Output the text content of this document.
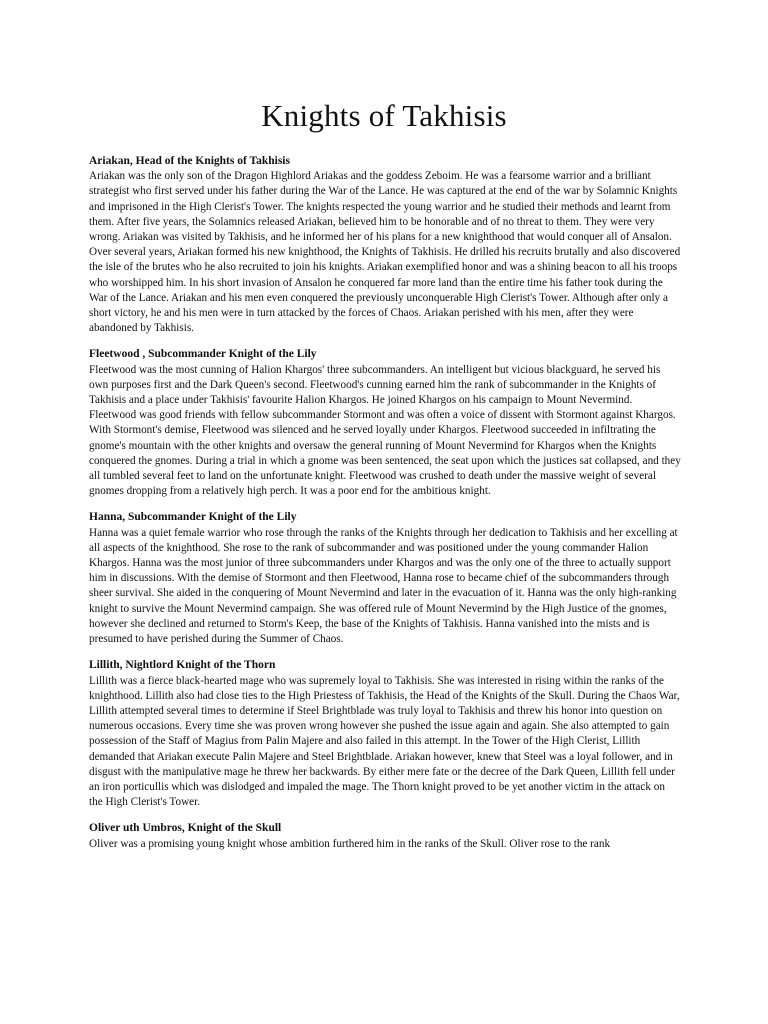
Knights of Takhisis
Ariakan, Head of the Knights of Takhisis

Ariakan was the only son of the Dragon Highlord Ariakas and the goddess Zeboim. He was a fearsome warrior and a brilliant strategist who first served under his father during the War of the Lance. He was captured at the end of the war by Solamnic Knights and imprisoned in the High Clerist's Tower. The knights respected the young warrior and he studied their methods and learnt from them. After five years, the Solamnics released Ariakan, believed him to be honorable and of no threat to them. They were very wrong. Ariakan was visited by Takhisis, and he informed her of his plans for a new knighthood that would conquer all of Ansalon. Over several years, Ariakan formed his new knighthood, the Knights of Takhisis. He drilled his recruits brutally and also discovered the isle of the brutes who he also recruited to join his knights. Ariakan exemplified honor and was a shining beacon to all his troops who worshipped him. In his short invasion of Ansalon he conquered far more land than the entire time his father took during the War of the Lance. Ariakan and his men even conquered the previously unconquerable High Clerist's Tower. Although after only a short victory, he and his men were in turn attacked by the forces of Chaos. Ariakan perished with his men, after they were abandoned by Takhisis.

Fleetwood , Subcommander Knight of the Lily

Fleetwood was the most cunning of Halion Khargos' three subcommanders. An intelligent but vicious blackguard, he served his own purposes first and the Dark Queen's second. Fleetwood's cunning earned him the rank of subcommander in the Knights of Takhisis and a place under Takhisis' favourite Halion Khargos. He joined Khargos on his campaign to Mount Nevermind. Fleetwood was good friends with fellow subcommander Stormont and was often a voice of dissent with Stormont against Khargos. With Stormont's demise, Fleetwood was silenced and he served loyally under Khargos. Fleetwood succeeded in infiltrating the gnome's mountain with the other knights and oversaw the general running of Mount Nevermind for Khargos when the Knights conquered the gnomes. During a trial in which a gnome was been sentenced, the seat upon which the justices sat collapsed, and they all tumbled several feet to land on the unfortunate knight. Fleetwood was crushed to death under the massive weight of several gnomes dropping from a relatively high perch. It was a poor end for the ambitious knight.

Hanna, Subcommander Knight of the Lily

Hanna was a quiet female warrior who rose through the ranks of the Knights through her dedication to Takhisis and her excelling at all aspects of the knighthood. She rose to the rank of subcommander and was positioned under the young commander Halion Khargos. Hanna was the most junior of three subcommanders under Khargos and was the only one of the three to actually support him in discussions. With the demise of Stormont and then Fleetwood, Hanna rose to became chief of the subcommanders through sheer survival. She aided in the conquering of Mount Nevermind and later in the evacuation of it. Hanna was the only high-ranking knight to survive the Mount Nevermind campaign. She was offered rule of Mount Nevermind by the High Justice of the gnomes, however she declined and returned to Storm's Keep, the base of the Knights of Takhisis. Hanna vanished into the mists and is presumed to have perished during the Summer of Chaos.

Lillith, Nightlord Knight of the Thorn

Lillith was a fierce black-hearted mage who was supremely loyal to Takhisis. She was interested in rising within the ranks of the knighthood. Lillith also had close ties to the High Priestess of Takhisis, the Head of the Knights of the Skull. During the Chaos War, Lillith attempted several times to determine if Steel Brightblade was truly loyal to Takhisis and threw his honor into question on numerous occasions. Every time she was proven wrong however she pushed the issue again and again. She also attempted to gain possession of the Staff of Magius from Palin Majere and also failed in this attempt. In the Tower of the High Clerist, Lillith demanded that Ariakan execute Palin Majere and Steel Brightblade. Ariakan however, knew that Steel was a loyal follower, and in disgust with the manipulative mage he threw her backwards. By either mere fate or the decree of the Dark Queen, Lillith fell under an iron porticullis which was dislodged and impaled the mage. The Thorn knight proved to be yet another victim in the attack on the High Clerist's Tower.

Oliver uth Umbros, Knight of the Skull

Oliver was a promising young knight whose ambition furthered him in the ranks of the Skull. Oliver rose to the rank
